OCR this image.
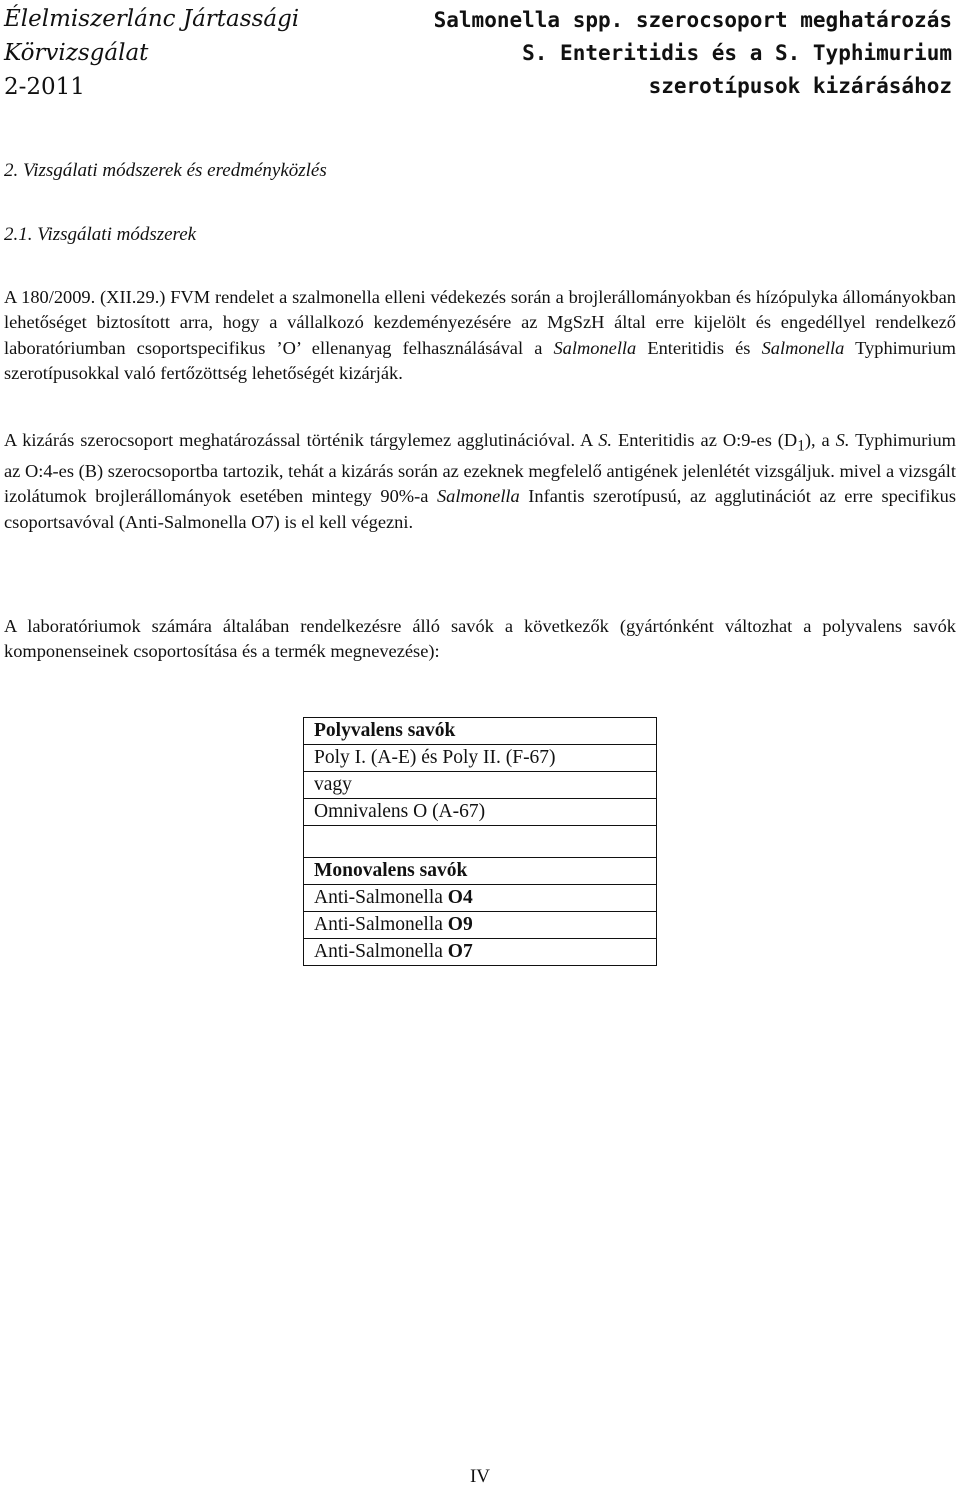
Élelmiszerlánc Jártassági
Körvizsgálat
2-2011
Salmonella spp. szerocsoport meghatározás
S. Enteritidis és a S. Typhimurium
szerotípusok kizárásához
2. Vizsgálati módszerek és eredményközlés
2.1. Vizsgálati módszerek

A 180/2009. (XII.29.) FVM rendelet a szalmonella elleni védekezés során a brojlerállományokban és hízópulyka állományokban lehetőséget biztosított arra, hogy a vállalkozó kezdeményezésére az MgSzH által erre kijelölt és engedéllyel rendelkező laboratóriumban csoportspecifikus ’O’ ellenanyag felhasználásával a Salmonella Enteritidis és Salmonella Typhimurium szerotípusokkal való fertőzöttség lehetőségét kizárják.

A kizárás szerocsoport meghatározással történik tárgylemez agglutinációval. A S. Enteritidis az O:9-es $(D_1)$, a S. Typhimurium az O:4-es (B) szerocsoportba tartozik, tehát a kizárás során az ezeknek megfelelő antigének jelenlétét vizsgáljuk. mivel a vizsgált izolátumok brojlerállományok esetében mintegy 90%-a Salmonella Infantis szerotípusú, az agglutinációt az erre specifikus csoportsavóval (Anti-Salmonella O7) is el kell végezni.

A laboratóriumok számára általában rendelkezésre álló savók a következők (gyártónként változhat a polyvalens savók komponenseinek csoportosítása és a termék megnevezése):

Polyvalens savók
Poly I. (A-E) és Poly II. (F-67)
vagy
Omnivalens O (A-67)

Monovalens savók
Anti-Salmonella O4
Anti-Salmonella O9
Anti-Salmonella O7
IV
